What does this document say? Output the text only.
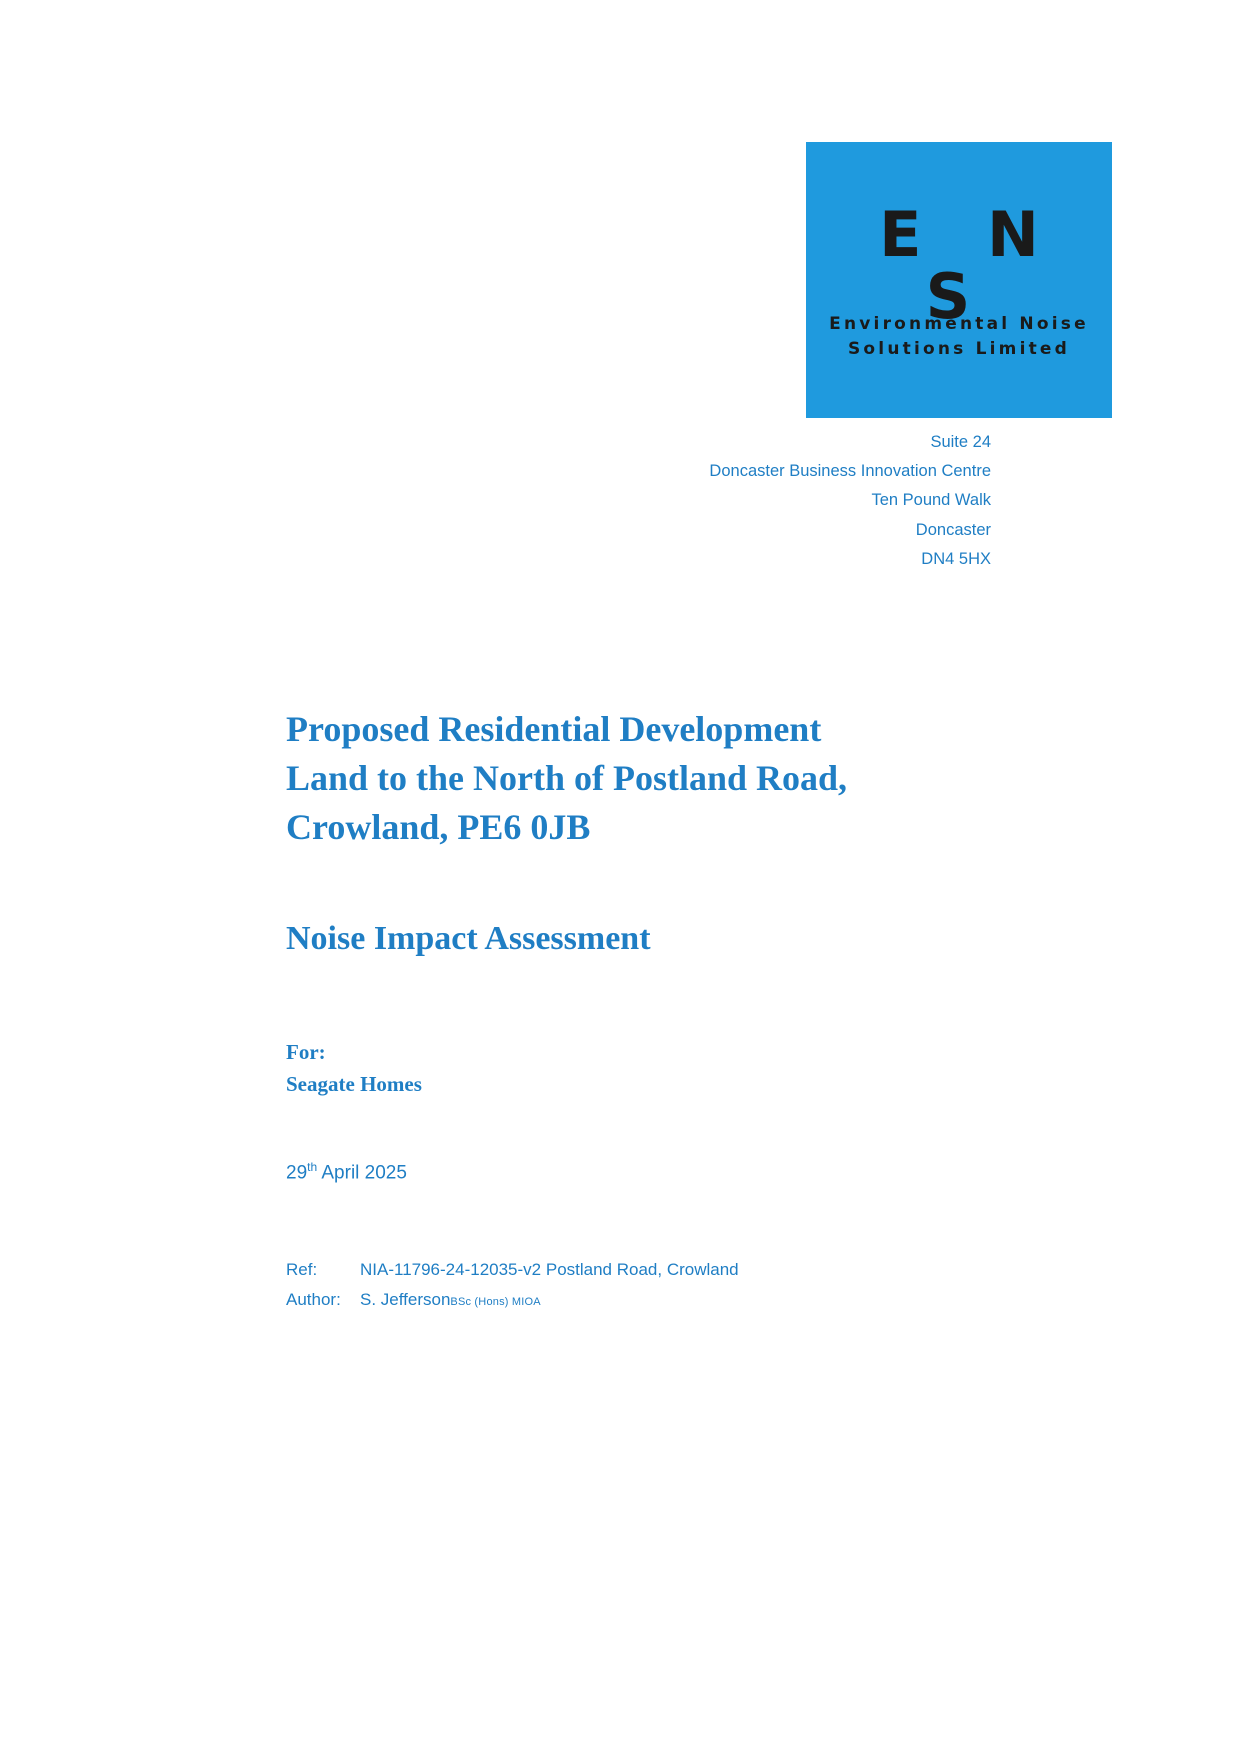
E N S
Environmental Noise
Solutions Limited
Suite 24
Doncaster Business Innovation Centre
Ten Pound Walk
Doncaster
DN4 5HX

Proposed Residential Development

Land to the North of Postland Road,

Crowland, PE6 0JB

Noise Impact Assessment

For:
Seagate Homes
29th April 2025
Ref:	NIA-11796-24-12035-v2 Postland Road, Crowland
Author: S. JeffersonBSc (Hons) MIOA
